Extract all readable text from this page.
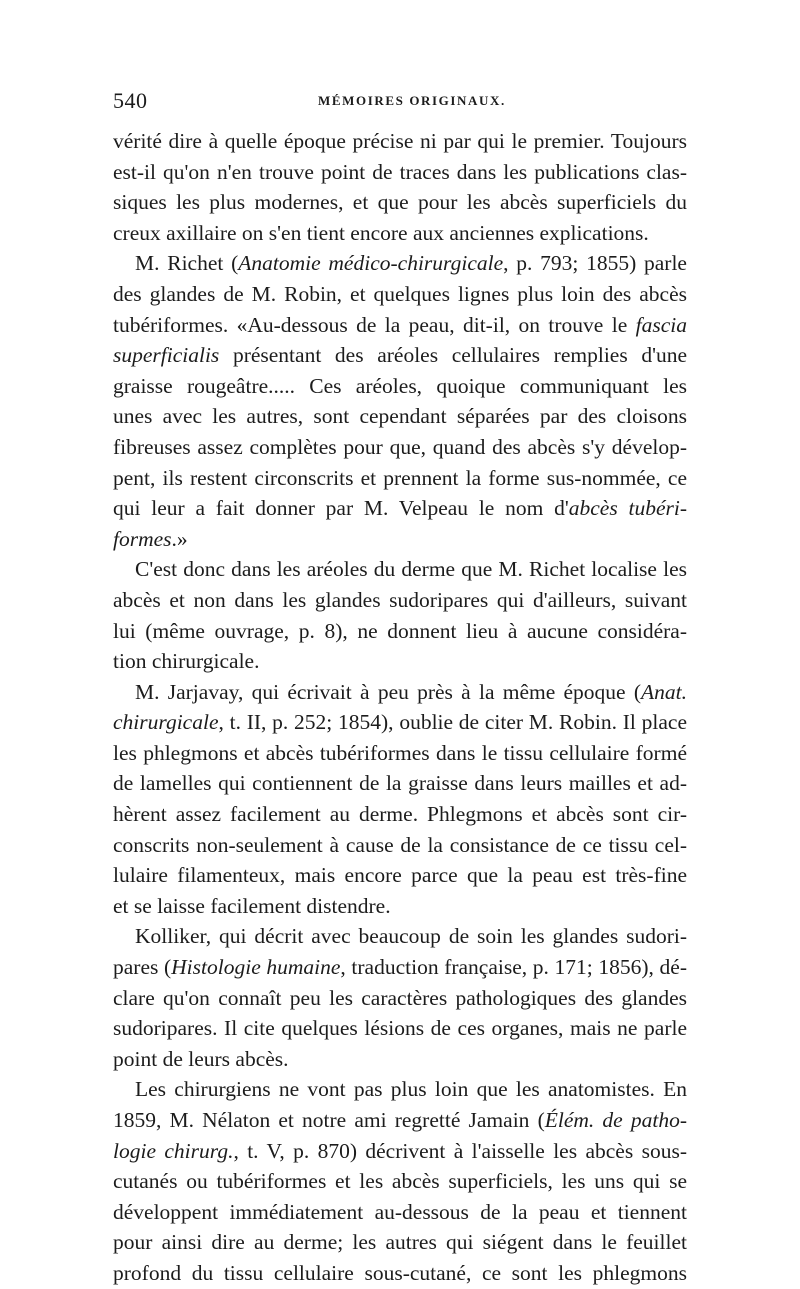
540	MÉMOIRES ORIGINAUX.
vérité dire à quelle époque précise ni par qui le premier. Toujours
est-il qu'on n'en trouve point de traces dans les publications clas-
siques les plus modernes, et que pour les abcès superficiels du
creux axillaire on s'en tient encore aux anciennes explications.
M. Richet (Anatomie médico-chirurgicale, p. 793; 1855) parle
des glandes de M. Robin, et quelques lignes plus loin des abcès
tubériformes. «Au-dessous de la peau, dit-il, on trouve le fascia
superficialis présentant des aréoles cellulaires remplies d'une
graisse rougeâtre..... Ces aréoles, quoique communiquant les
unes avec les autres, sont cependant séparées par des cloisons
fibreuses assez complètes pour que, quand des abcès s'y dévelop-
pent, ils restent circonscrits et prennent la forme sus-nommée, ce
qui leur a fait donner par M. Velpeau le nom d'abcès tubéri-
formes.»
C'est donc dans les aréoles du derme que M. Richet localise les
abcès et non dans les glandes sudoripares qui d'ailleurs, suivant
lui (même ouvrage, p. 8), ne donnent lieu à aucune considéra-
tion chirurgicale.
M. Jarjavay, qui écrivait à peu près à la même époque (Anat.
chirurgicale, t. II, p. 252; 1854), oublie de citer M. Robin. Il place
les phlegmons et abcès tubériformes dans le tissu cellulaire formé
de lamelles qui contiennent de la graisse dans leurs mailles et ad-
hèrent assez facilement au derme. Phlegmons et abcès sont cir-
conscrits non-seulement à cause de la consistance de ce tissu cel-
lulaire filamenteux, mais encore parce que la peau est très-fine
et se laisse facilement distendre.
Kolliker, qui décrit avec beaucoup de soin les glandes sudori-
pares (Histologie humaine, traduction française, p. 171; 1856), dé-
clare qu'on connaît peu les caractères pathologiques des glandes
sudoripares. Il cite quelques lésions de ces organes, mais ne parle
point de leurs abcès.
Les chirurgiens ne vont pas plus loin que les anatomistes. En
1859, M. Nélaton et notre ami regretté Jamain (Élém. de patho-
logie chirurg., t. V, p. 870) décrivent à l'aisselle les abcès sous-
cutanés ou tubériformes et les abcès superficiels, les uns qui se
développent immédiatement au-dessous de la peau et tiennent
pour ainsi dire au derme; les autres qui siégent dans le feuillet
profond du tissu cellulaire sous-cutané, ce sont les phlegmons
